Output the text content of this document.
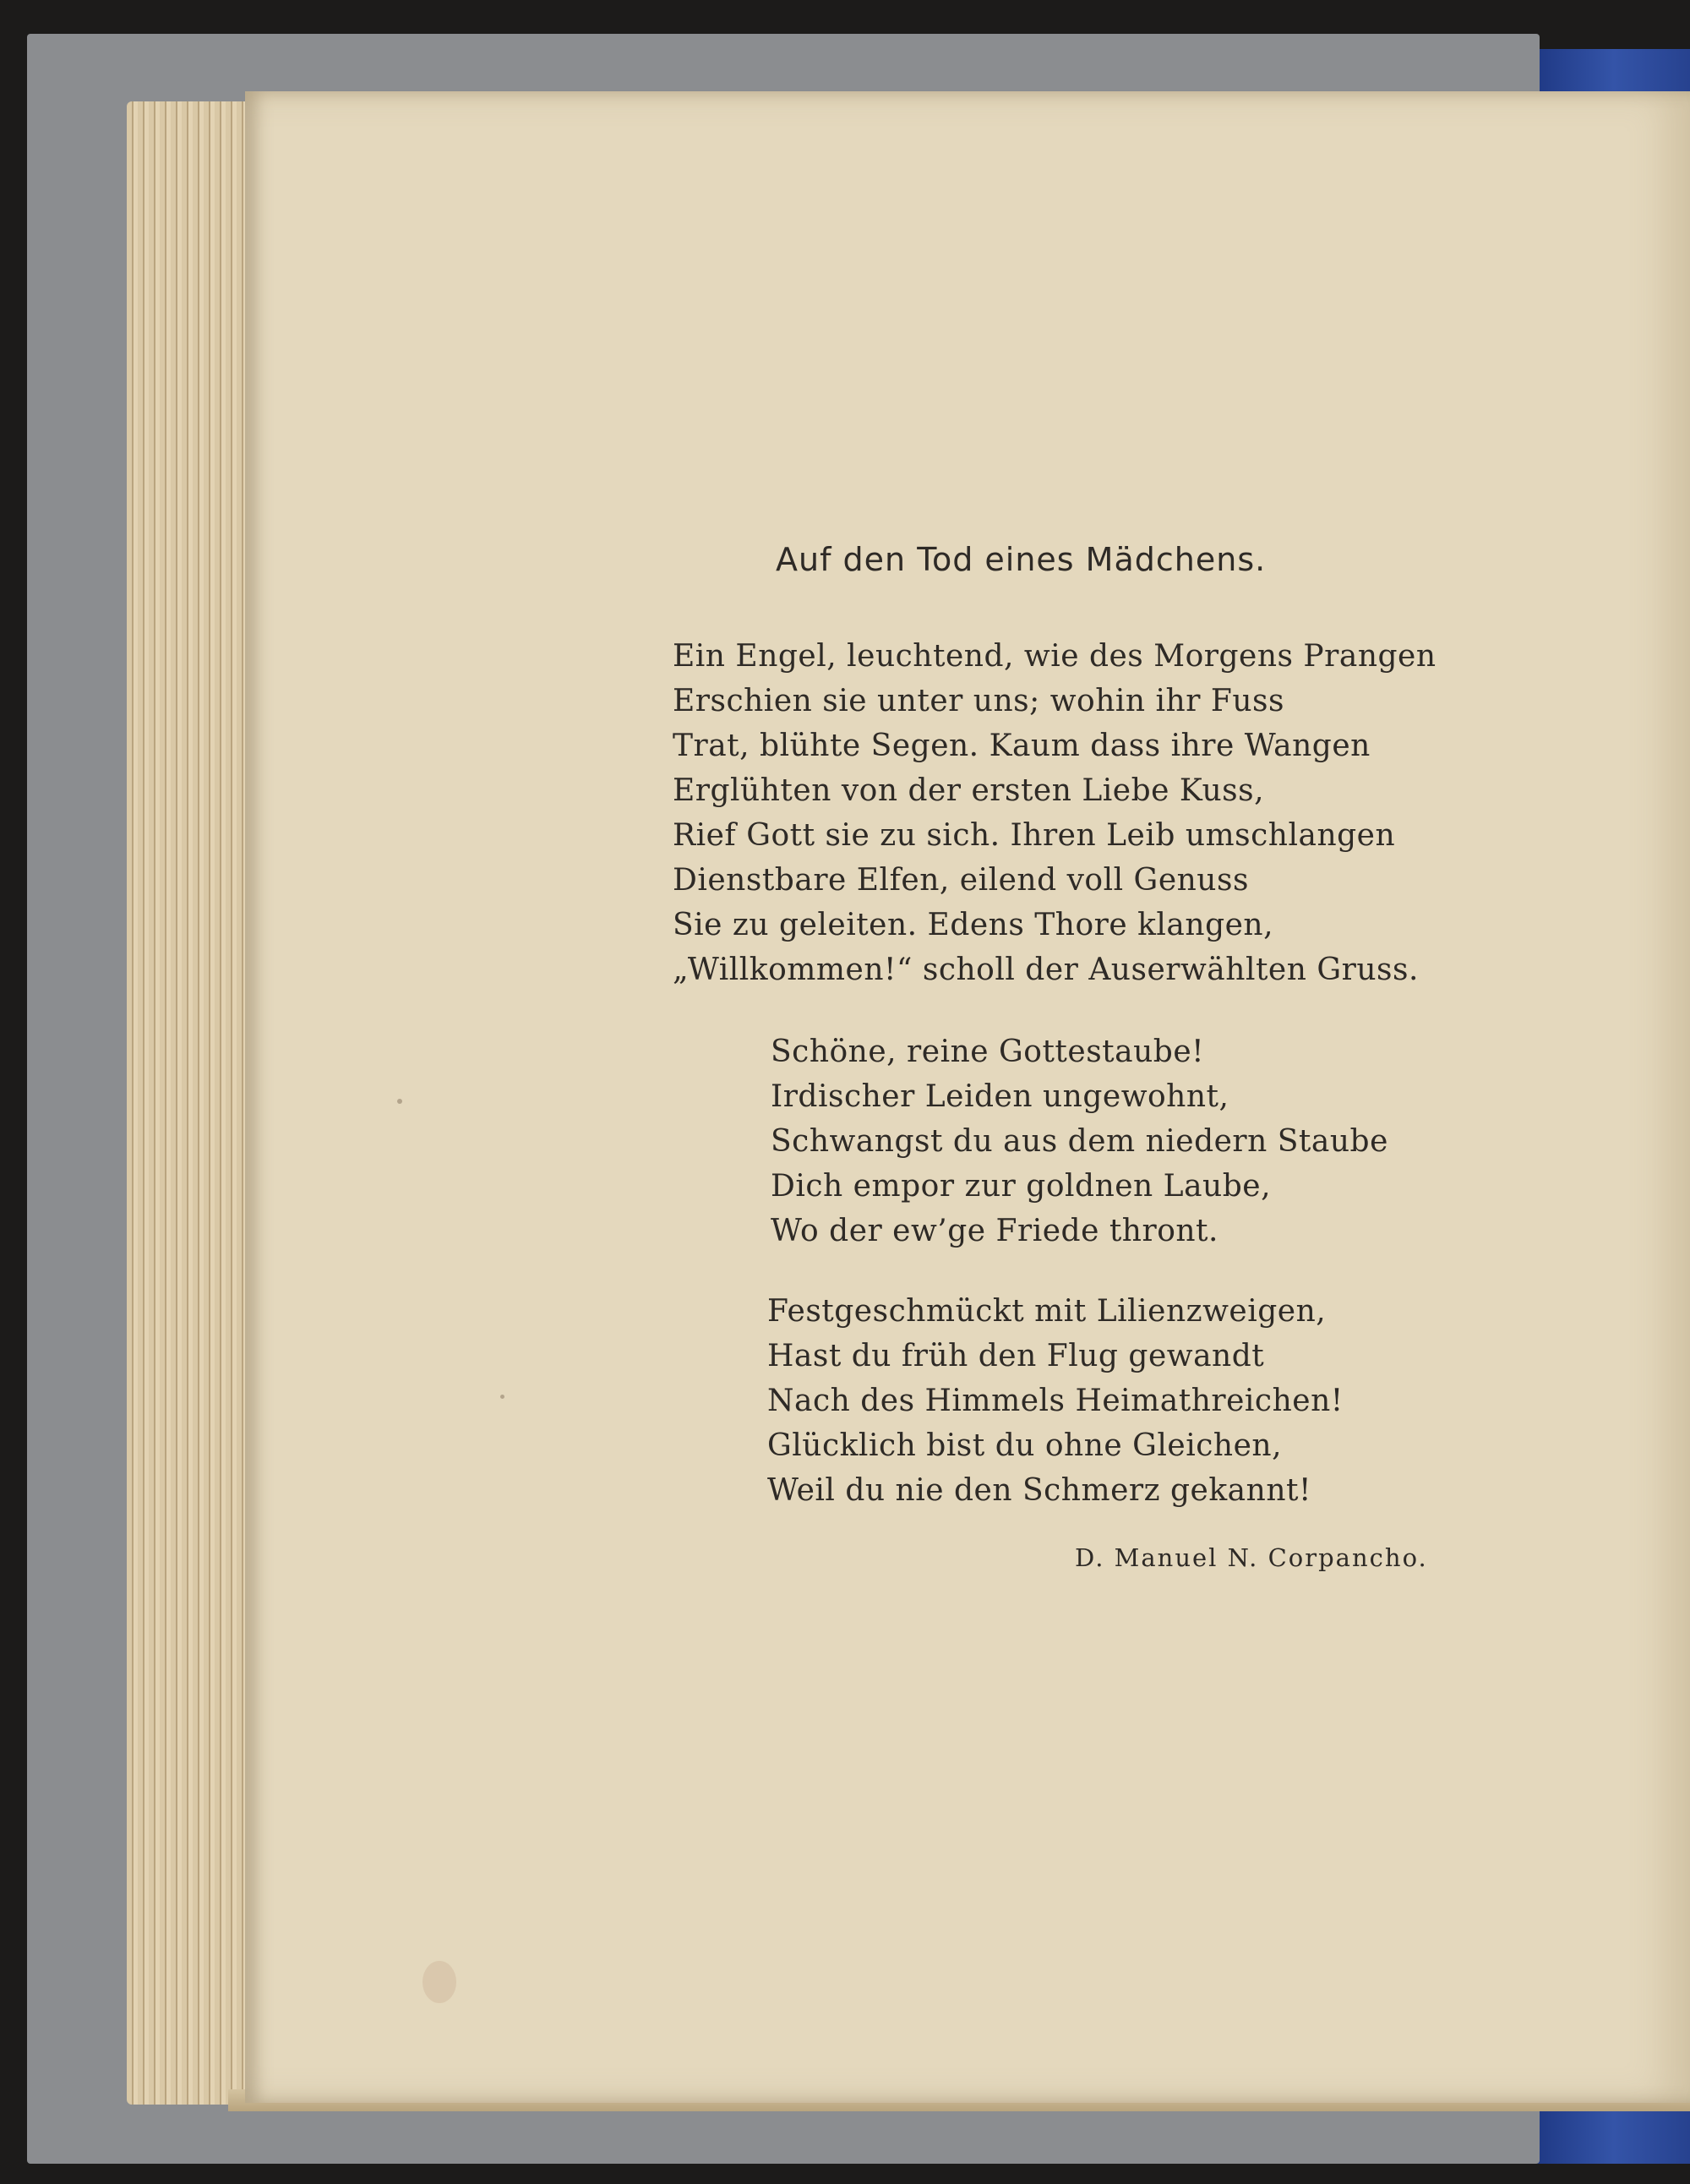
Auf den Tod eines Mädchens.
Ein Engel, leuchtend, wie des Morgens Prangen
Erschien sie unter uns; wohin ihr Fuss
Trat, blühte Segen. Kaum dass ihre Wangen
Erglühten von der ersten Liebe Kuss,
Rief Gott sie zu sich. Ihren Leib umschlangen
Dienstbare Elfen, eilend voll Genuss
Sie zu geleiten. Edens Thore klangen,
„Willkommen!“ scholl der Auserwählten Gruss.
Schöne, reine Gottestaube!
Irdischer Leiden ungewohnt,
Schwangst du aus dem niedern Staube
Dich empor zur goldnen Laube,
Wo der ew’ge Friede thront.
Festgeschmückt mit Lilienzweigen,
Hast du früh den Flug gewandt
Nach des Himmels Heimathreichen!
Glücklich bist du ohne Gleichen,
Weil du nie den Schmerz gekannt!
D. Manuel N. Corpancho.
